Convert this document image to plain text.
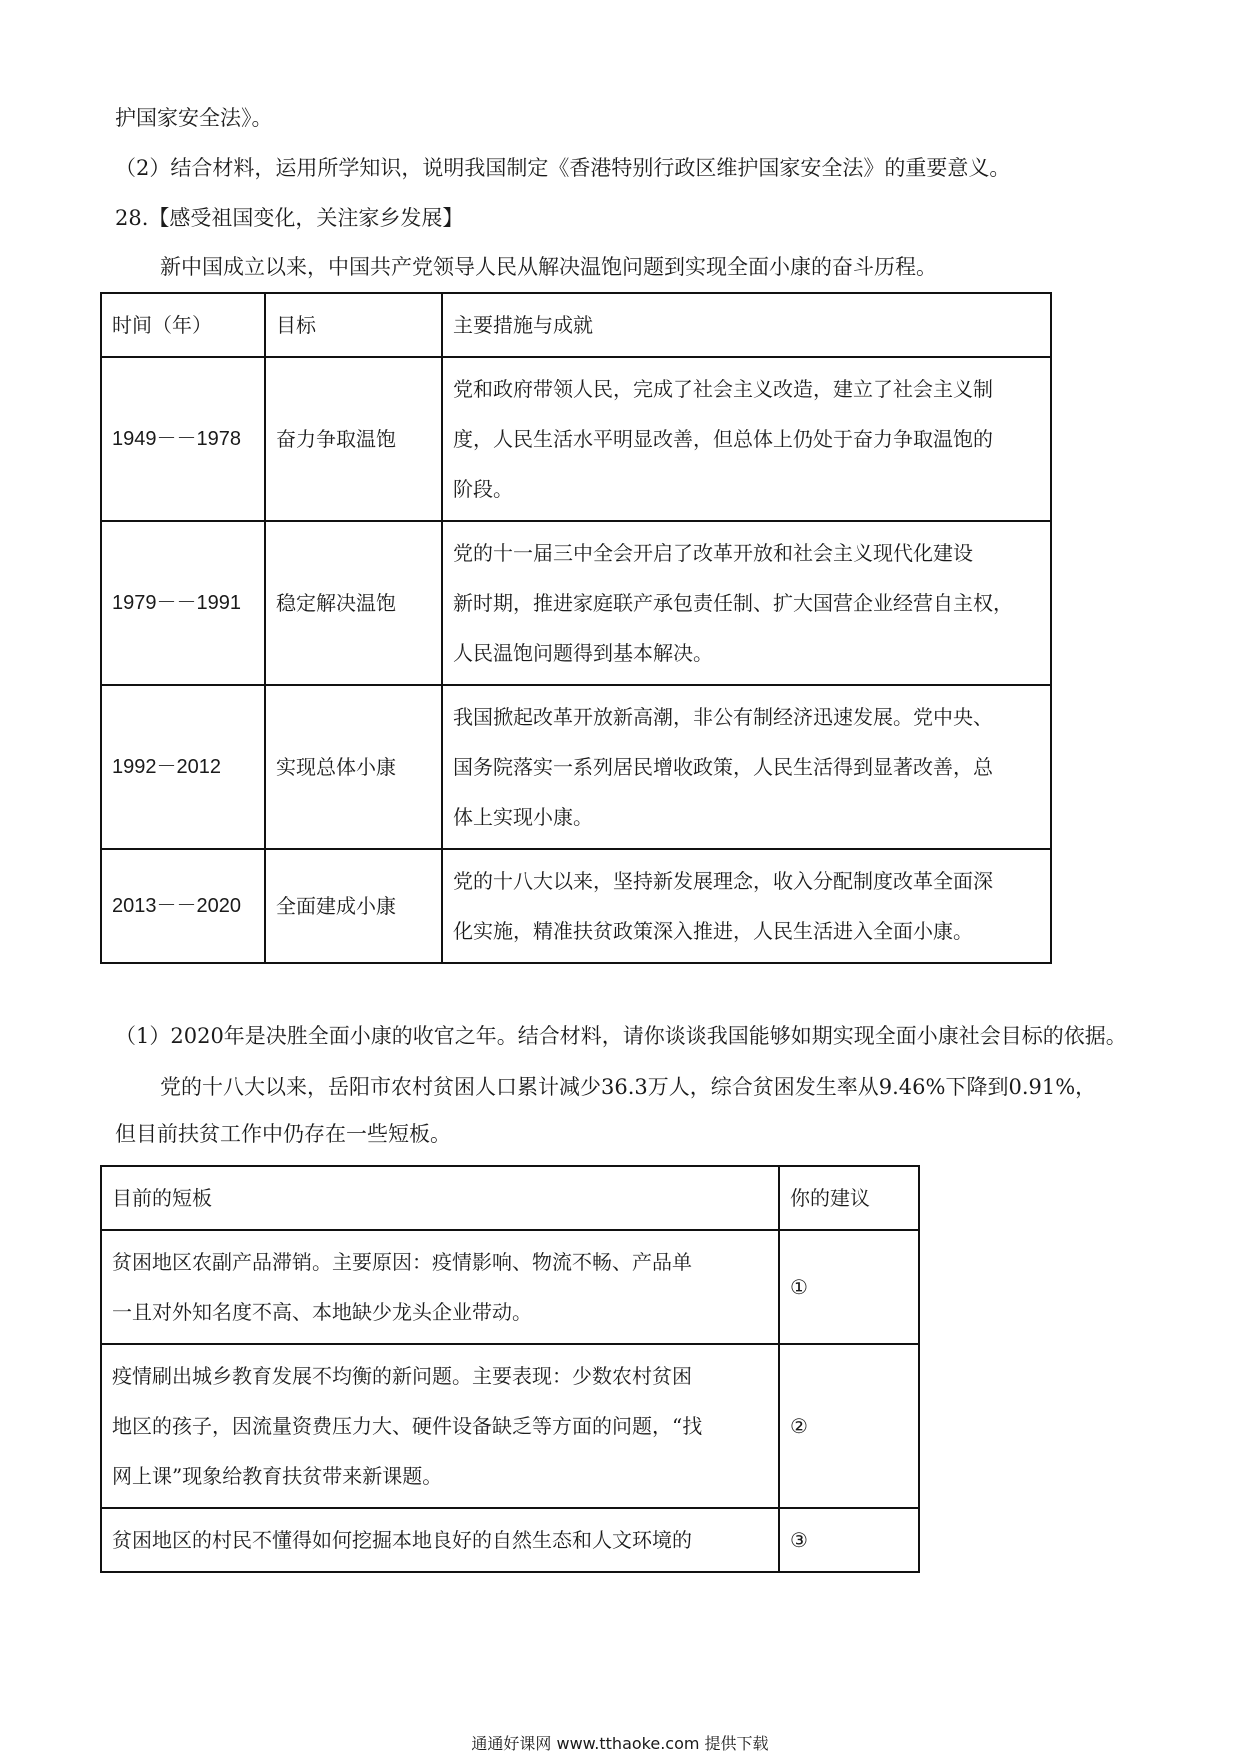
护国家安全法》。
（2）结合材料，运用所学知识，说明我国制定《香港特别行政区维护国家安全法》的重要意义。
28.【感受祖国变化，关注家乡发展】
新中国成立以来，中国共产党领导人民从解决温饱问题到实现全面小康的奋斗历程。
时间（年）	目标	主要措施与成就
1949－－1978	奋力争取温饱	党和政府带领人民，完成了社会主义改造，建立了社会主义制
度，人民生活水平明显改善，但总体上仍处于奋力争取温饱的
阶段。

1979－－1991	稳定解决温饱	党的十一届三中全会开启了改革开放和社会主义现代化建设
新时期，推进家庭联产承包责任制、扩大国营企业经营自主权，
人民温饱问题得到基本解决。

1992－2012	实现总体小康	我国掀起改革开放新高潮，非公有制经济迅速发展。党中央、
国务院落实一系列居民增收政策，人民生活得到显著改善，总
体上实现小康。

2013－－2020	全面建成小康	党的十八大以来，坚持新发展理念，收入分配制度改革全面深
化实施，精准扶贫政策深入推进，人民生活进入全面小康。
（1）2020年是决胜全面小康的收官之年。结合材料，请你谈谈我国能够如期实现全面小康社会目标的依据。
党的十八大以来，岳阳市农村贫困人口累计减少36.3万人，综合贫困发生率从9.46%下降到0.91%，
但目前扶贫工作中仍存在一些短板。
目前的短板	你的建议

贫困地区农副产品滞销。主要原因：疫情影响、物流不畅、产品单
一且对外知名度不高、本地缺少龙头企业带动。	①

疫情刷出城乡教育发展不均衡的新问题。主要表现：少数农村贫困
地区的孩子，因流量资费压力大、硬件设备缺乏等方面的问题，“找
网上课”现象给教育扶贫带来新课题。	②

贫困地区的村民不懂得如何挖掘本地良好的自然生态和人文环境的	③
通通好课网 www.tthaoke.com 提供下载
